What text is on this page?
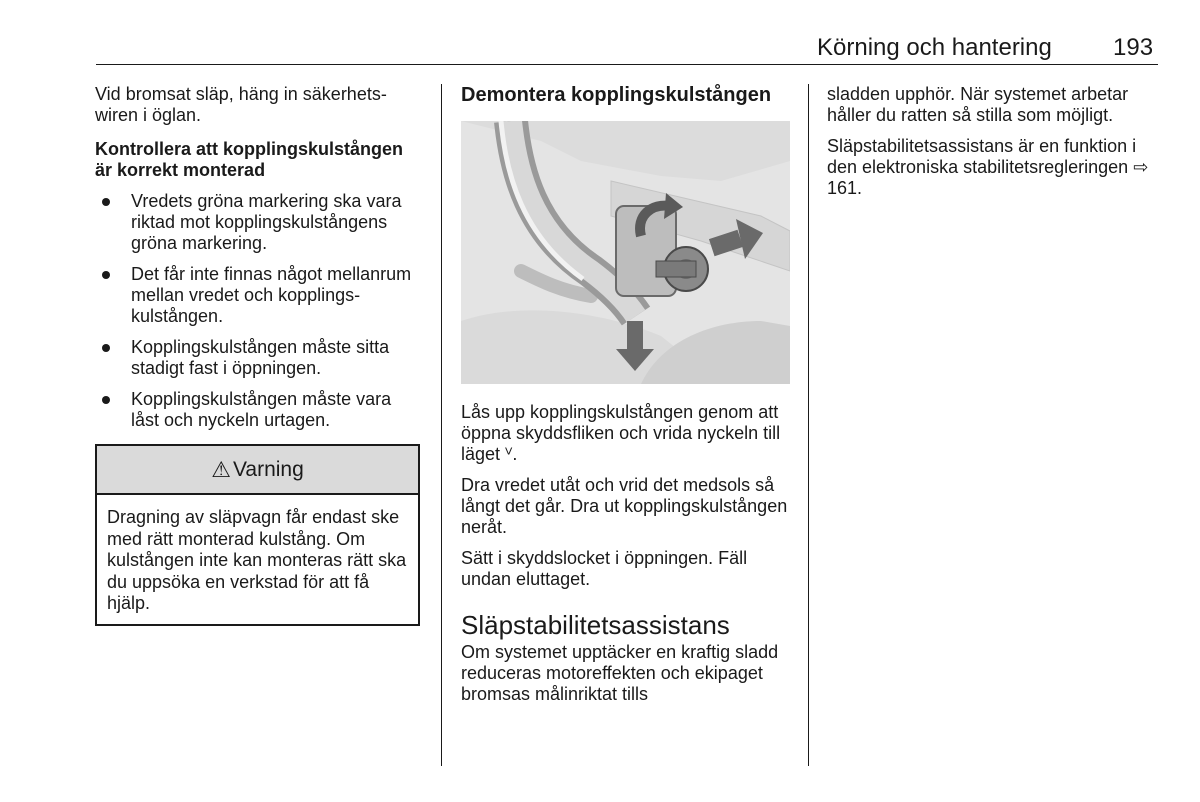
Körning och hantering	193

Vid bromsat släp, häng in säkerhetswiren i öglan.

Kontrollera att kopplingskulstången är korrekt monterad

Vredets gröna markering ska vara riktad mot kopplingskulstångens gröna markering.
Det får inte finnas något mellanrum mellan vredet och kopplingskulstången.
Kopplingskulstången måste sitta stadigt fast i öppningen.
Kopplingskulstången måste vara låst och nyckeln urtagen.
⚠ Varning
Dragning av släpvagn får endast ske med rätt monterad kulstång. Om kulstången inte kan monteras rätt ska du uppsöka en verkstad för att få hjälp.
Demontera kopplingskulstången

Lås upp kopplingskulstången genom att öppna skyddsfliken och vrida nyckeln till läget ⱽ.

Dra vredet utåt och vrid det medsols så långt det går. Dra ut kopplingskulstången neråt.

Sätt i skyddslocket i öppningen. Fäll undan eluttaget.

Släpstabilitetsassistans

Om systemet upptäcker en kraftig sladd reduceras motoreffekten och ekipaget bromsas målinriktat tills

sladden upphör. När systemet arbetar håller du ratten så stilla som möjligt.

Släpstabilitetsassistans är en funktion i den elektroniska stabilitetsregleringen ⇨ 161.
